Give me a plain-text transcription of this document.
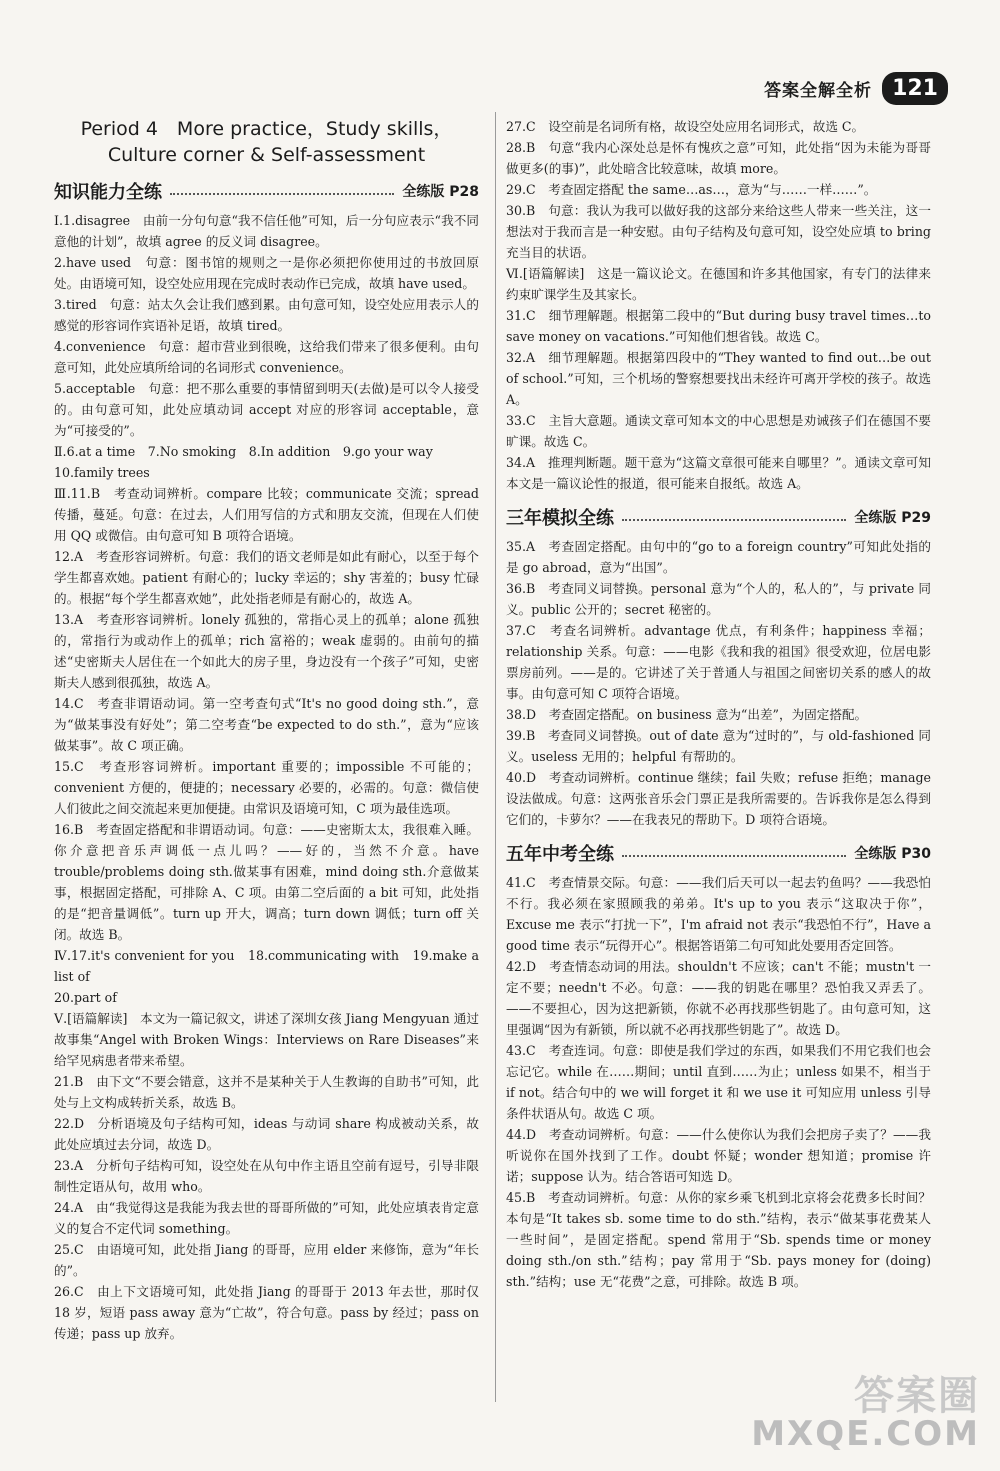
答案全解全析 121
Period 4　More practice，Study skills，
Culture corner & Self-assessment
知识能力全练	全练版 P28

Ⅰ.1.disagree　由前一分句句意“我不信任他”可知，后一分句应表示“我不同意他的计划”，故填 agree 的反义词 disagree。

2.have used　句意：图书馆的规则之一是你必须把你使用过的书放回原处。由语境可知，设空处应用现在完成时表动作已完成，故填 have used。

3.tired　句意：站太久会让我们感到累。由句意可知，设空处应用表示人的感觉的形容词作宾语补足语，故填 tired。

4.convenience　句意：超市营业到很晚，这给我们带来了很多便利。由句意可知，此处应填所给词的名词形式 convenience。

5.acceptable　句意：把不那么重要的事情留到明天(去做)是可以令人接受的。由句意可知，此处应填动词 accept 对应的形容词 acceptable，意为“可接受的”。

Ⅱ.6.at a time　7.No smoking　8.In addition　9.go your way

10.family trees

Ⅲ.11.B　考查动词辨析。compare 比较；communicate 交流；spread 传播，蔓延。句意：在过去，人们用写信的方式和朋友交流，但现在人们使用 QQ 或微信。由句意可知 B 项符合语境。

12.A　考查形容词辨析。句意：我们的语文老师是如此有耐心，以至于每个学生都喜欢她。patient 有耐心的；lucky 幸运的；shy 害羞的；busy 忙碌的。根据“每个学生都喜欢她”，此处指老师是有耐心的，故选 A。

13.A　考查形容词辨析。lonely 孤独的，常指心灵上的孤单；alone 孤独的，常指行为或动作上的孤单；rich 富裕的；weak 虚弱的。由前句的描述“史密斯夫人居住在一个如此大的房子里，身边没有一个孩子”可知，史密斯夫人感到很孤独，故选 A。

14.C　考查非谓语动词。第一空考查句式“It's no good doing sth.”，意为“做某事没有好处”；第二空考查“be expected to do sth.”，意为“应该做某事”。故 C 项正确。

15.C　考查形容词辨析。important 重要的；impossible 不可能的；convenient 方便的，便捷的；necessary 必要的，必需的。句意：微信使人们彼此之间交流起来更加便捷。由常识及语境可知，C 项为最佳选项。

16.B　考查固定搭配和非谓语动词。句意：——史密斯太太，我很难入睡。你介意把音乐声调低一点儿吗？——好的，当然不介意。have trouble/problems doing sth.做某事有困难，mind doing sth.介意做某事，根据固定搭配，可排除 A、C 项。由第二空后面的 a bit 可知，此处指的是“把音量调低”。turn up 开大，调高；turn down 调低；turn off 关闭。故选 B。

Ⅳ.17.it's convenient for you　18.communicating with　19.make a list of

20.part of

Ⅴ.[语篇解读]　本文为一篇记叙文，讲述了深圳女孩 Jiang Mengyuan 通过故事集“Angel with Broken Wings：Interviews on Rare Diseases”来给罕见病患者带来希望。

21.B　由下文“不要会错意，这并不是某种关于人生教诲的自助书”可知，此处与上文构成转折关系，故选 B。

22.D　分析语境及句子结构可知，ideas 与动词 share 构成被动关系，故此处应填过去分词，故选 D。

23.A　分析句子结构可知，设空处在从句中作主语且空前有逗号，引导非限制性定语从句，故用 who。

24.A　由“我觉得这是我能为我去世的哥哥所做的”可知，此处应填表肯定意义的复合不定代词 something。

25.C　由语境可知，此处指 Jiang 的哥哥，应用 elder 来修饰，意为“年长的”。

26.C　由上下文语境可知，此处指 Jiang 的哥哥于 2013 年去世，那时仅 18 岁，短语 pass away 意为“亡故”，符合句意。pass by 经过；pass on 传递；pass up 放弃。

27.C　设空前是名词所有格，故设空处应用名词形式，故选 C。

28.B　句意“我内心深处总是怀有愧疚之意”可知，此处指“因为未能为哥哥做更多(的事)”，此处暗含比较意味，故填 more。

29.C　考查固定搭配 the same…as…，意为“与……一样……”。

30.B　句意：我认为我可以做好我的这部分来给这些人带来一些关注，这一想法对于我而言是一种安慰。由句子结构及句意可知，设空处应填 to bring 充当目的状语。

Ⅵ.[语篇解读]　这是一篇议论文。在德国和许多其他国家，有专门的法律来约束旷课学生及其家长。

31.C　细节理解题。根据第二段中的“But during busy travel times…to save money on vacations.”可知他们想省钱。故选 C。

32.A　细节理解题。根据第四段中的“They wanted to find out…be out of school.”可知，三个机场的警察想要找出未经许可离开学校的孩子。故选 A。

33.C　主旨大意题。通读文章可知本文的中心思想是劝诫孩子们在德国不要旷课。故选 C。

34.A　推理判断题。题干意为“这篇文章很可能来自哪里？”。通读文章可知本文是一篇议论性的报道，很可能来自报纸。故选 A。

三年模拟全练	全练版 P29

35.A　考查固定搭配。由句中的“go to a foreign country”可知此处指的是 go abroad，意为“出国”。

36.B　考查同义词替换。personal 意为“个人的，私人的”，与 private 同义。public 公开的；secret 秘密的。

37.C　考查名词辨析。advantage 优点，有利条件；happiness 幸福；relationship 关系。句意：——电影《我和我的祖国》很受欢迎，位居电影票房前列。——是的。它讲述了关于普通人与祖国之间密切关系的感人的故事。由句意可知 C 项符合语境。

38.D　考查固定搭配。on business 意为“出差”，为固定搭配。

39.B　考查同义词替换。out of date 意为“过时的”，与 old-fashioned 同义。useless 无用的；helpful 有帮助的。

40.D　考查动词辨析。continue 继续；fail 失败；refuse 拒绝；manage 设法做成。句意：这两张音乐会门票正是我所需要的。告诉我你是怎么得到它们的，卡萝尔？——在我表兄的帮助下。D 项符合语境。

五年中考全练	全练版 P30

41.C　考查情景交际。句意：——我们后天可以一起去钓鱼吗？——我恐怕不行。我必须在家照顾我的弟弟。It's up to you 表示“这取决于你”，Excuse me 表示“打扰一下”，I'm afraid not 表示“我恐怕不行”，Have a good time 表示“玩得开心”。根据答语第二句可知此处要用否定回答。

42.D　考查情态动词的用法。shouldn't 不应该；can't 不能；mustn't 一定不要；needn't 不必。句意：——我的钥匙在哪里？恐怕我又弄丢了。——不要担心，因为这把新锁，你就不必再找那些钥匙了。由句意可知，这里强调“因为有新锁，所以就不必再找那些钥匙了”。故选 D。

43.C　考查连词。句意：即使是我们学过的东西，如果我们不用它我们也会忘记它。while 在……期间；until 直到……为止；unless 如果不，相当于 if not。结合句中的 we will forget it 和 we use it 可知应用 unless 引导条件状语从句。故选 C 项。

44.D　考查动词辨析。句意：——什么使你认为我们会把房子卖了？——我听说你在国外找到了工作。doubt 怀疑；wonder 想知道；promise 许诺；suppose 认为。结合答语可知选 D。

45.B　考查动词辨析。句意：从你的家乡乘飞机到北京将会花费多长时间？本句是“It takes sb. some time to do sth.”结构，表示“做某事花费某人一些时间”，是固定搭配。spend 常用于“Sb. spends time or money doing sth./on sth.”结构；pay 常用于“Sb. pays money for (doing) sth.”结构；use 无“花费”之意，可排除。故选 B 项。

答案圈
MXQE.COM
